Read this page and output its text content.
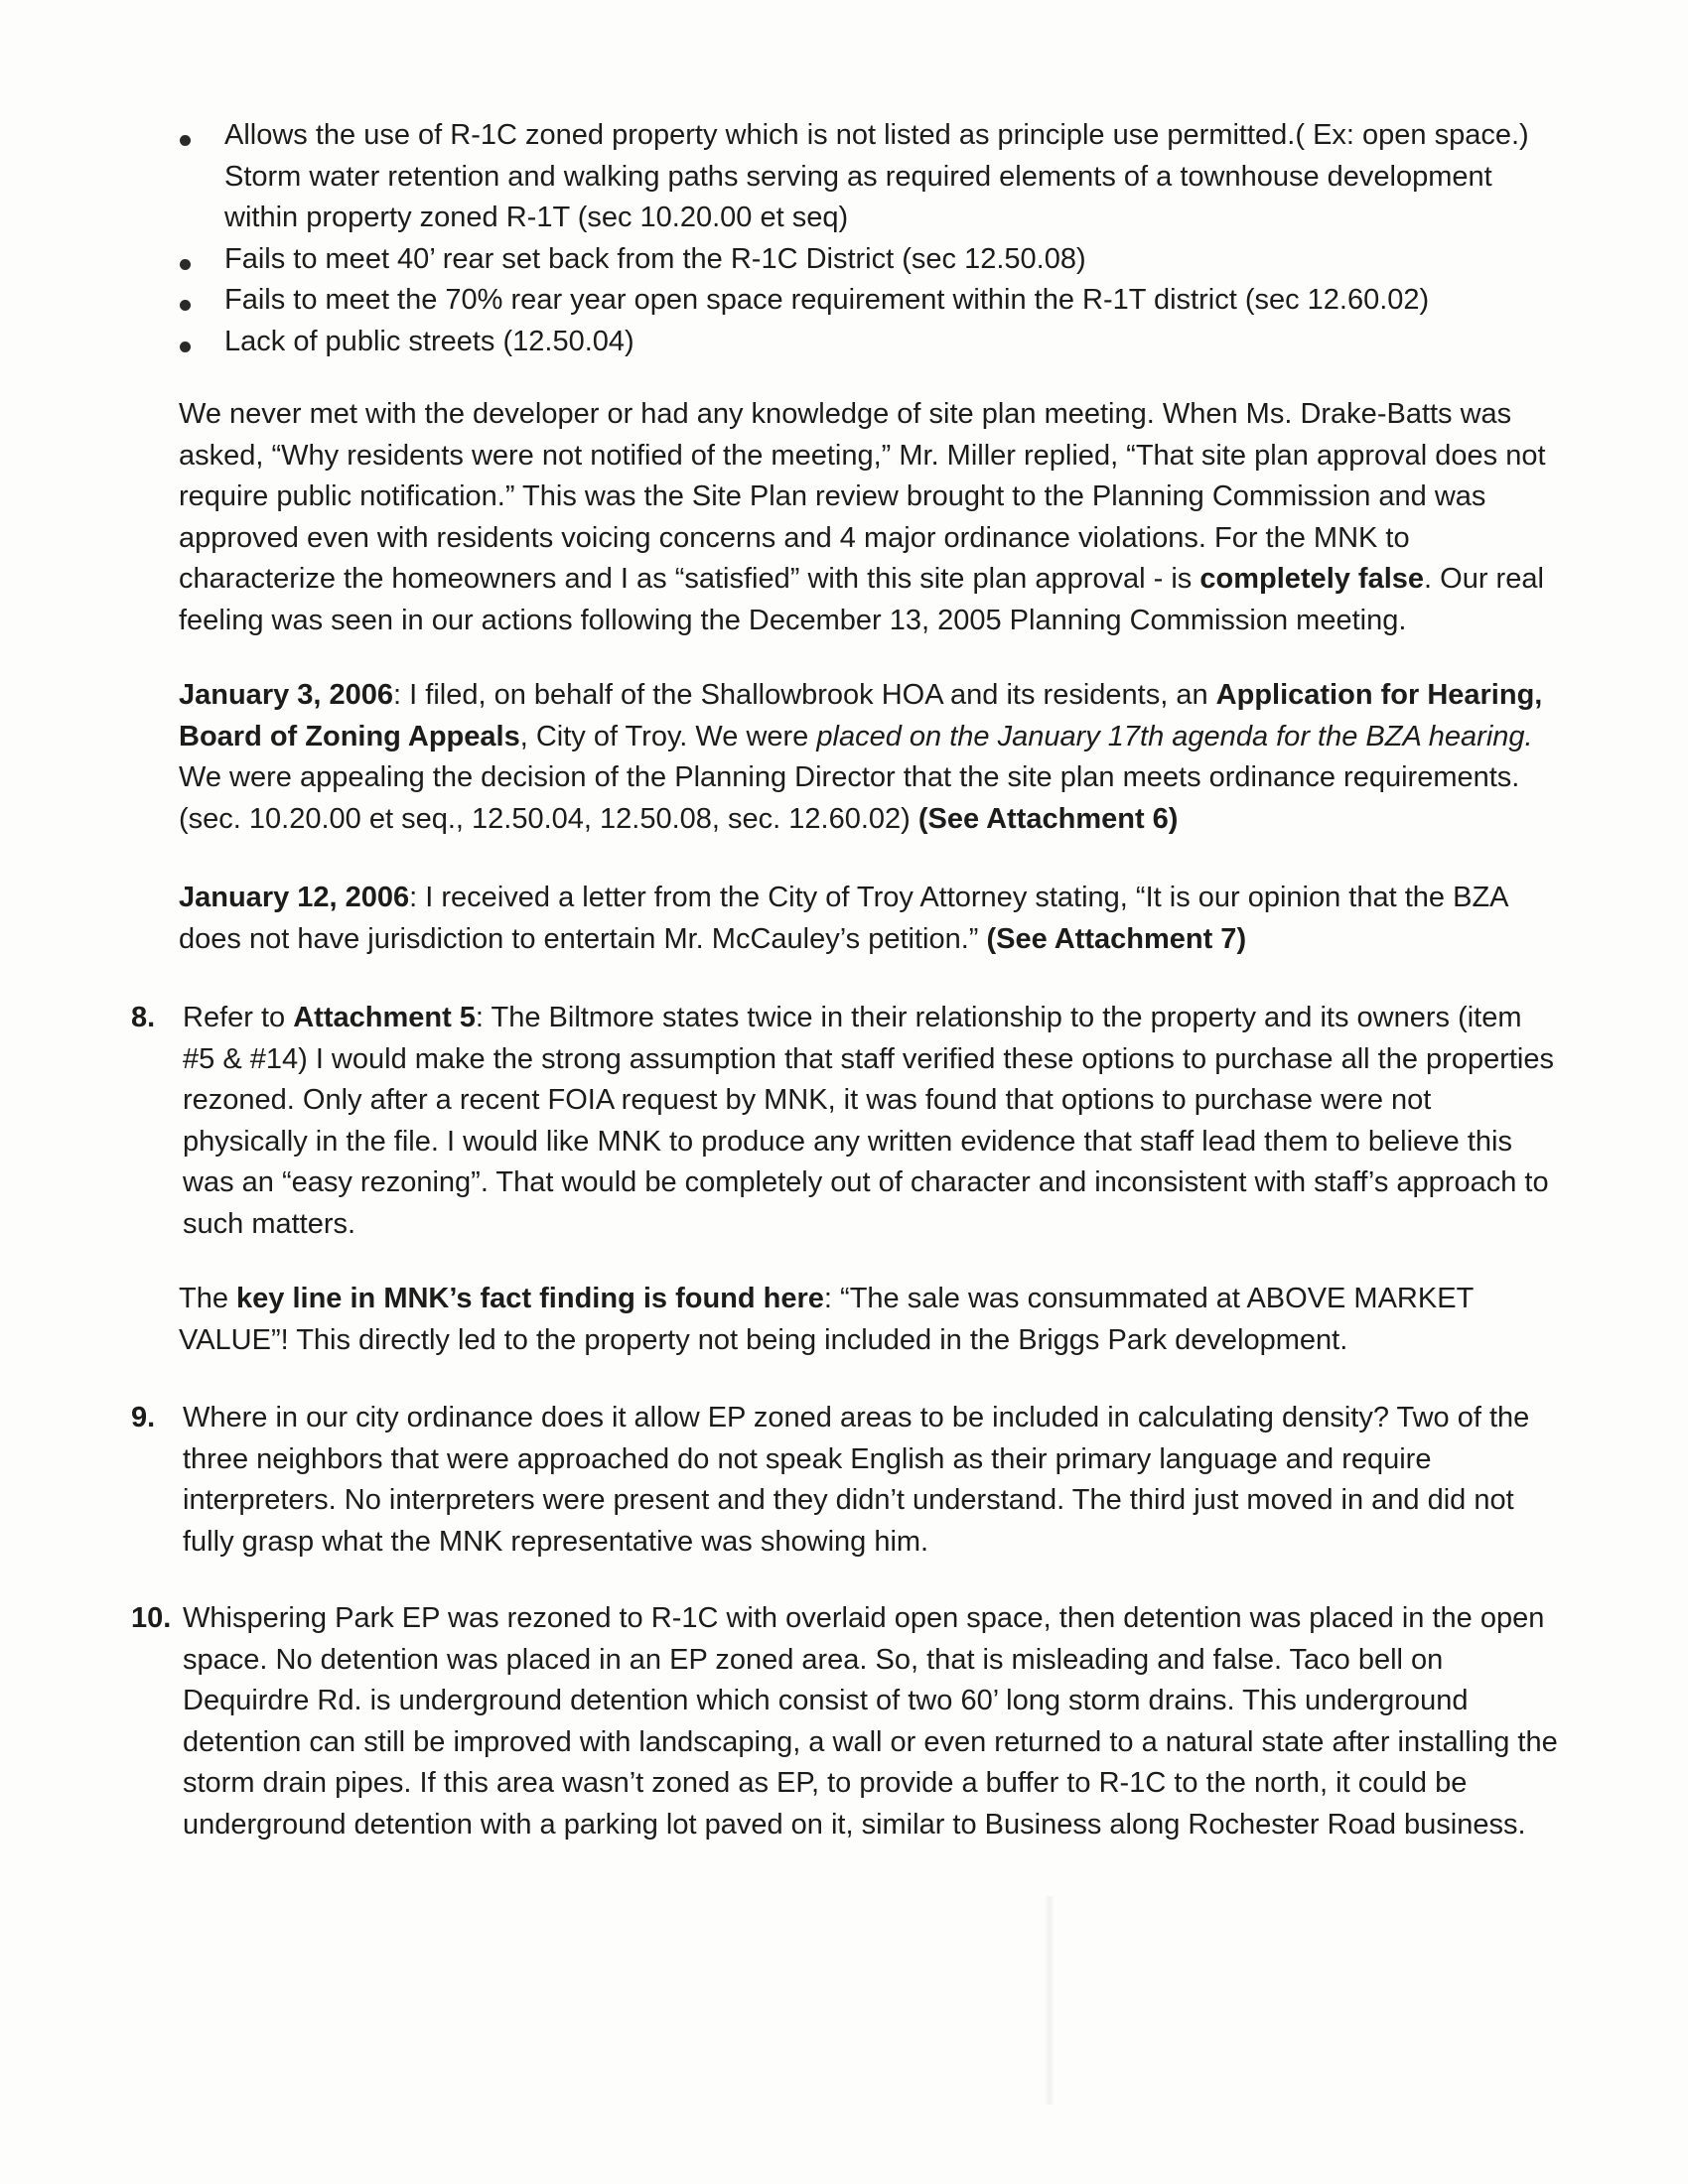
Allows the use of R-1C zoned property which is not listed as principle use permitted.( Ex: open space.)
Storm water retention and walking paths serving as required elements of a townhouse development
within property zoned R-1T (sec 10.20.00 et seq)
Fails to meet 40’ rear set back from the R-1C District (sec 12.50.08)
Fails to meet the 70% rear year open space requirement within the R-1T district (sec 12.60.02)
Lack of public streets (12.50.04)
We never met with the developer or had any knowledge of site plan meeting. When Ms. Drake-Batts was
asked, “Why residents were not notified of the meeting,” Mr. Miller replied, “That site plan approval does not
require public notification.” This was the Site Plan review brought to the Planning Commission and was
approved even with residents voicing concerns and 4 major ordinance violations. For the MNK to
characterize the homeowners and I as “satisfied” with this site plan approval - is completely false. Our real
feeling was seen in our actions following the December 13, 2005 Planning Commission meeting.
January 3, 2006: I filed, on behalf of the Shallowbrook HOA and its residents, an Application for Hearing,
Board of Zoning Appeals, City of Troy. We were placed on the January 17th agenda for the BZA hearing.
We were appealing the decision of the Planning Director that the site plan meets ordinance requirements.
(sec. 10.20.00 et seq., 12.50.04, 12.50.08, sec. 12.60.02) (See Attachment 6)
January 12, 2006: I received a letter from the City of Troy Attorney stating, “It is our opinion that the BZA
does not have jurisdiction to entertain Mr. McCauley’s petition.” (See Attachment 7)
8. Refer to Attachment 5: The Biltmore states twice in their relationship to the property and its owners (item
#5 & #14) I would make the strong assumption that staff verified these options to purchase all the properties
rezoned. Only after a recent FOIA request by MNK, it was found that options to purchase were not
physically in the file. I would like MNK to produce any written evidence that staff lead them to believe this
was an “easy rezoning”. That would be completely out of character and inconsistent with staff’s approach to
such matters.
The key line in MNK’s fact finding is found here: “The sale was consummated at ABOVE MARKET
VALUE”! This directly led to the property not being included in the Briggs Park development.
9. Where in our city ordinance does it allow EP zoned areas to be included in calculating density? Two of the
three neighbors that were approached do not speak English as their primary language and require
interpreters. No interpreters were present and they didn’t understand. The third just moved in and did not
fully grasp what the MNK representative was showing him.
10. Whispering Park EP was rezoned to R-1C with overlaid open space, then detention was placed in the open
space. No detention was placed in an EP zoned area. So, that is misleading and false. Taco bell on
Dequirdre Rd. is underground detention which consist of two 60’ long storm drains. This underground
detention can still be improved with landscaping, a wall or even returned to a natural state after installing the
storm drain pipes. If this area wasn’t zoned as EP, to provide a buffer to R-1C to the north, it could be
underground detention with a parking lot paved on it, similar to Business along Rochester Road business.
